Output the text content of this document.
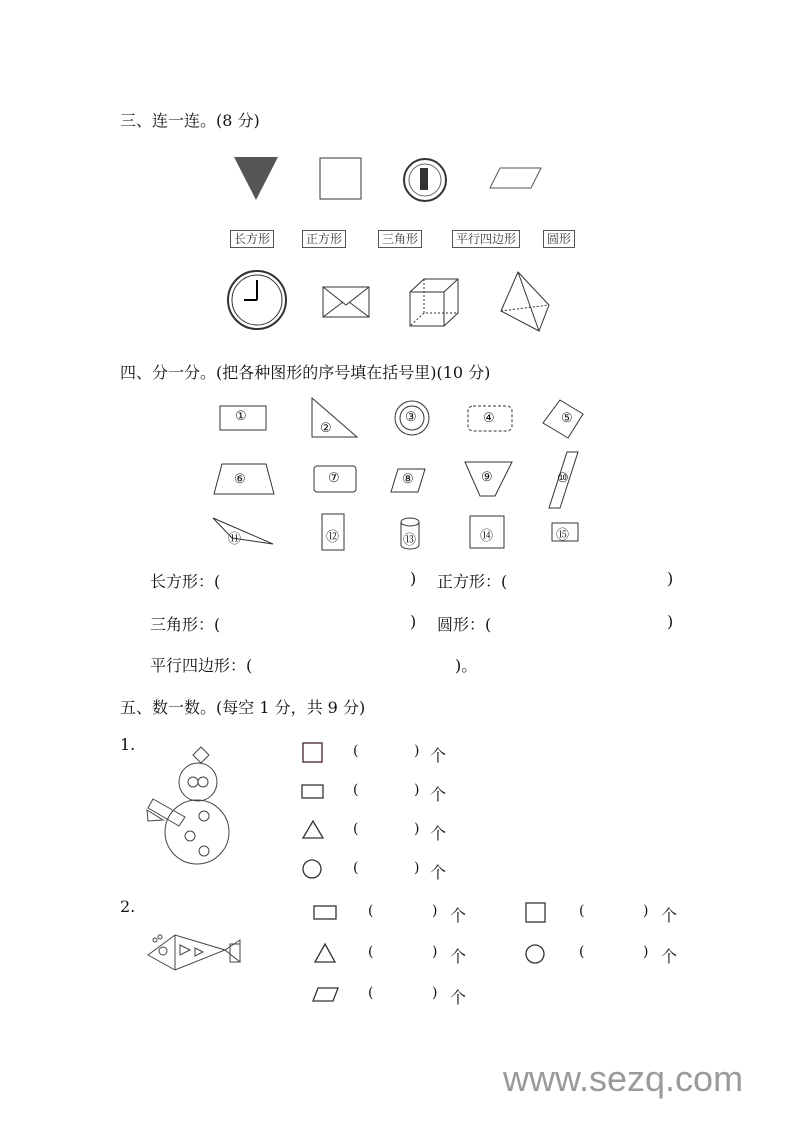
三、连一连。(8 分)
长方形	正方形	三角形	平行四边形	圆形
四、分一分。(把各种图形的序号填在括号里)(10 分)
①
②
③	④	⑤
⑥	⑦	⑧	⑨	⑩
⑪	⑫	⑬	⑭	⑮
长方形：(	) 正方形：(	)
三角形：(	) 圆形：(	)
平行四边形：(	)。
五、数一数。(每空 1 分，共 9 分)
1.
2.
(	) 个
(	) 个
(	) 个
(	) 个
(	) 个
(	) 个
(	) 个
(	) 个
(	) 个
www.sezq.com
